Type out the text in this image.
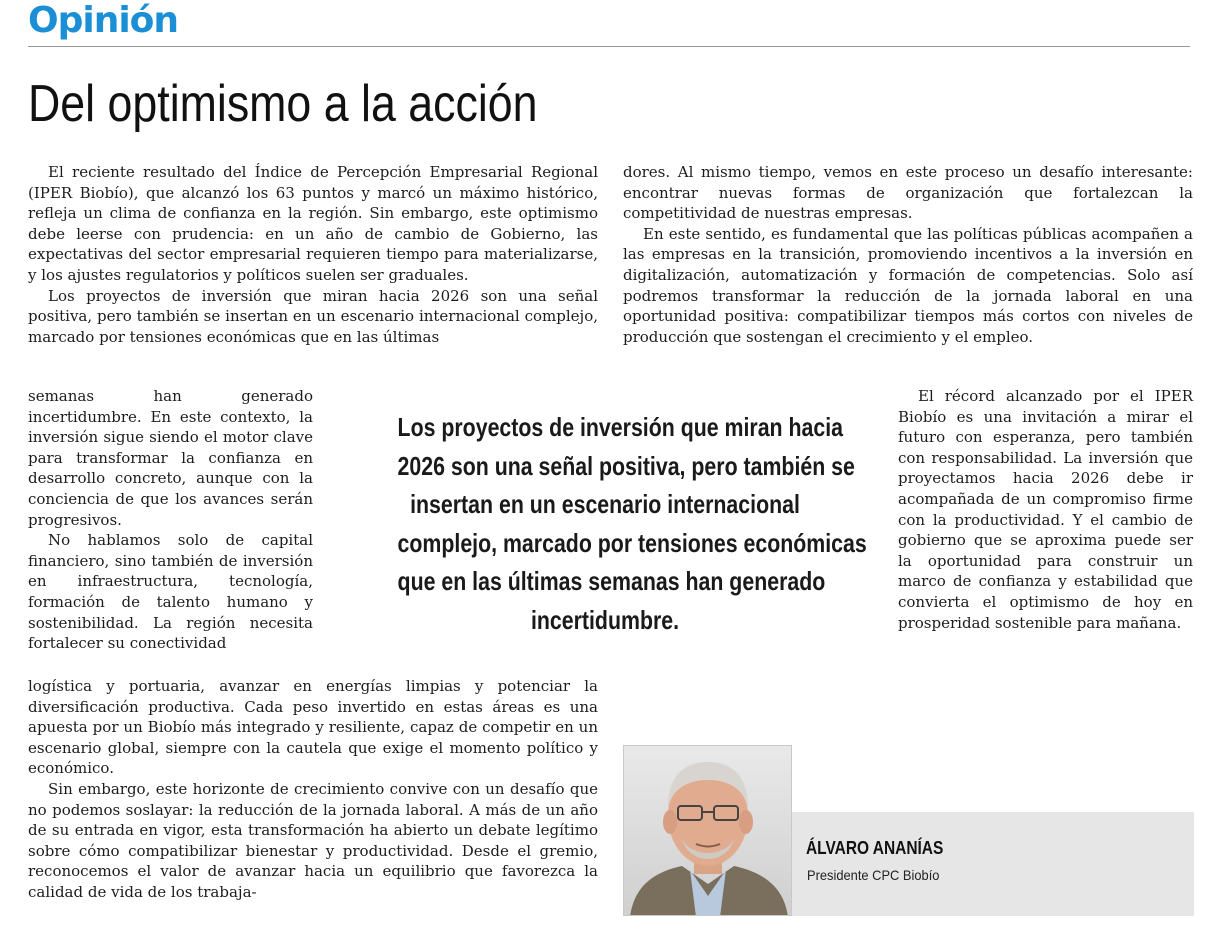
Opinión
Del optimismo a la acción

El reciente resultado del Índice de Percepción Empresarial Regional (IPER Biobío), que alcanzó los 63 puntos y marcó un máximo histórico, refleja un clima de confianza en la región. Sin embargo, este optimismo debe leerse con prudencia: en un año de cambio de Gobierno, las expectativas del sector empresarial requieren tiempo para materializarse, y los ajustes regulatorios y políticos suelen ser graduales.

Los proyectos de inversión que miran hacia 2026 son una señal positiva, pero también se insertan en un escenario internacional complejo, marcado por tensiones económicas que en las últimas

semanas han generado incertidumbre. En este contexto, la inversión sigue siendo el motor clave para transformar la confianza en desarrollo concreto, aunque con la conciencia de que los avances serán progresivos.

No hablamos solo de capital financiero, sino también de inversión en infraestructura, tecnología, formación de talento humano y sostenibilidad. La región necesita fortalecer su conectividad

logística y portuaria, avanzar en energías limpias y potenciar la diversificación productiva. Cada peso invertido en estas áreas es una apuesta por un Biobío más integrado y resiliente, capaz de competir en un escenario global, siempre con la cautela que exige el momento político y económico.

Sin embargo, este horizonte de crecimiento convive con un desafío que no podemos soslayar: la reducción de la jornada laboral. A más de un año de su entrada en vigor, esta transformación ha abierto un debate legítimo sobre cómo compatibilizar bienestar y productividad. Desde el gremio, reconocemos el valor de avanzar hacia un equilibrio que favorezca la calidad de vida de los trabaja-

dores. Al mismo tiempo, vemos en este proceso un desafío interesante: encontrar nuevas formas de organización que fortalezcan la competitividad de nuestras empresas.

En este sentido, es fundamental que las políticas públicas acompañen a las empresas en la transición, promoviendo incentivos a la inversión en digitalización, automatización y formación de competencias. Solo así podremos transformar la reducción de la jornada laboral en una oportunidad positiva: compatibilizar tiempos más cortos con niveles de producción que sostengan el crecimiento y el empleo.

El récord alcanzado por el IPER Biobío es una invitación a mirar el futuro con esperanza, pero también con responsabilidad. La inversión que proyectamos hacia 2026 debe ir acompañada de un compromiso firme con la productividad. Y el cambio de gobierno que se aproxima puede ser la oportunidad para construir un marco de confianza y estabilidad que convierta el optimismo de hoy en prosperidad sostenible para mañana.

Los proyectos de inversión que miran hacia
2026 son una señal positiva, pero también se
insertan en un escenario internacional
complejo, marcado por tensiones económicas
que en las últimas semanas han generado
incertidumbre.
ÁLVARO ANANÍAS
Presidente CPC Biobío
